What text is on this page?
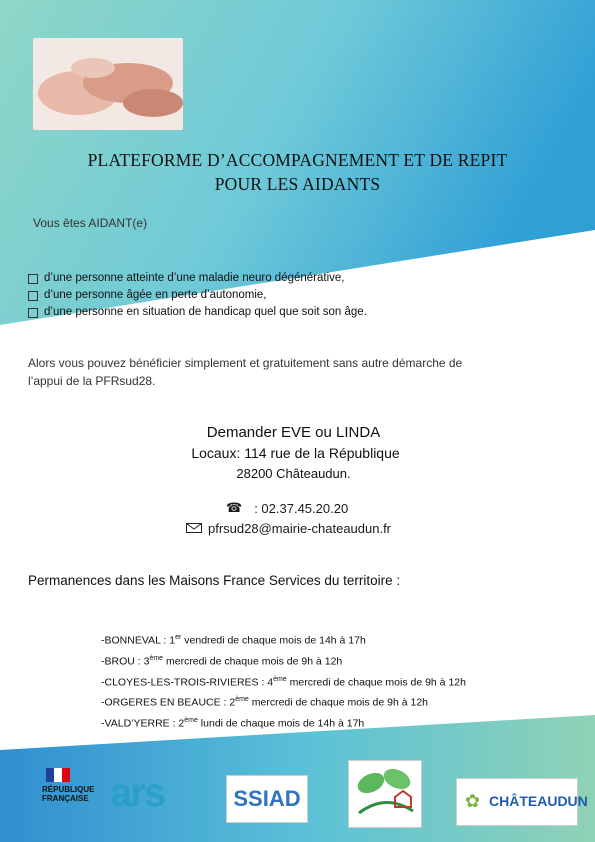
PLATEFORME D’ACCOMPAGNEMENT ET DE REPIT
POUR LES AIDANTS
Vous êtes AIDANT(e)
d’une personne atteinte d’une maladie neuro dégénérative,
d’une personne âgée en perte d’autonomie,
d’une personne en situation de handicap quel que soit son âge.
Alors vous pouvez bénéficier simplement et gratuitement sans autre démarche de
l’appui de la PFRsud28.
Demander EVE ou LINDA
Locaux: 114 rue de la République
28200 Châteaudun.
☎ : 02.37.45.20.20
pfrsud28@mairie-chateaudun.fr
Permanences dans les Maisons France Services du territoire :
-BONNEVAL : 1er vendredi de chaque mois de 14h à 17h
-BROU : 3ème mercredi de chaque mois de 9h à 12h
-CLOYES-LES-TROIS-RIVIERES : 4ème mercredi de chaque mois de 9h à 12h
-ORGERES EN BEAUCE : 2ème mercredi de chaque mois de 9h à 12h
-VALD’YERRE : 2ème lundi de chaque mois de 14h à 17h
RÉPUBLIQUE
FRANÇAISE ars	SSIAD	✿ CHÂTEAUDUN
